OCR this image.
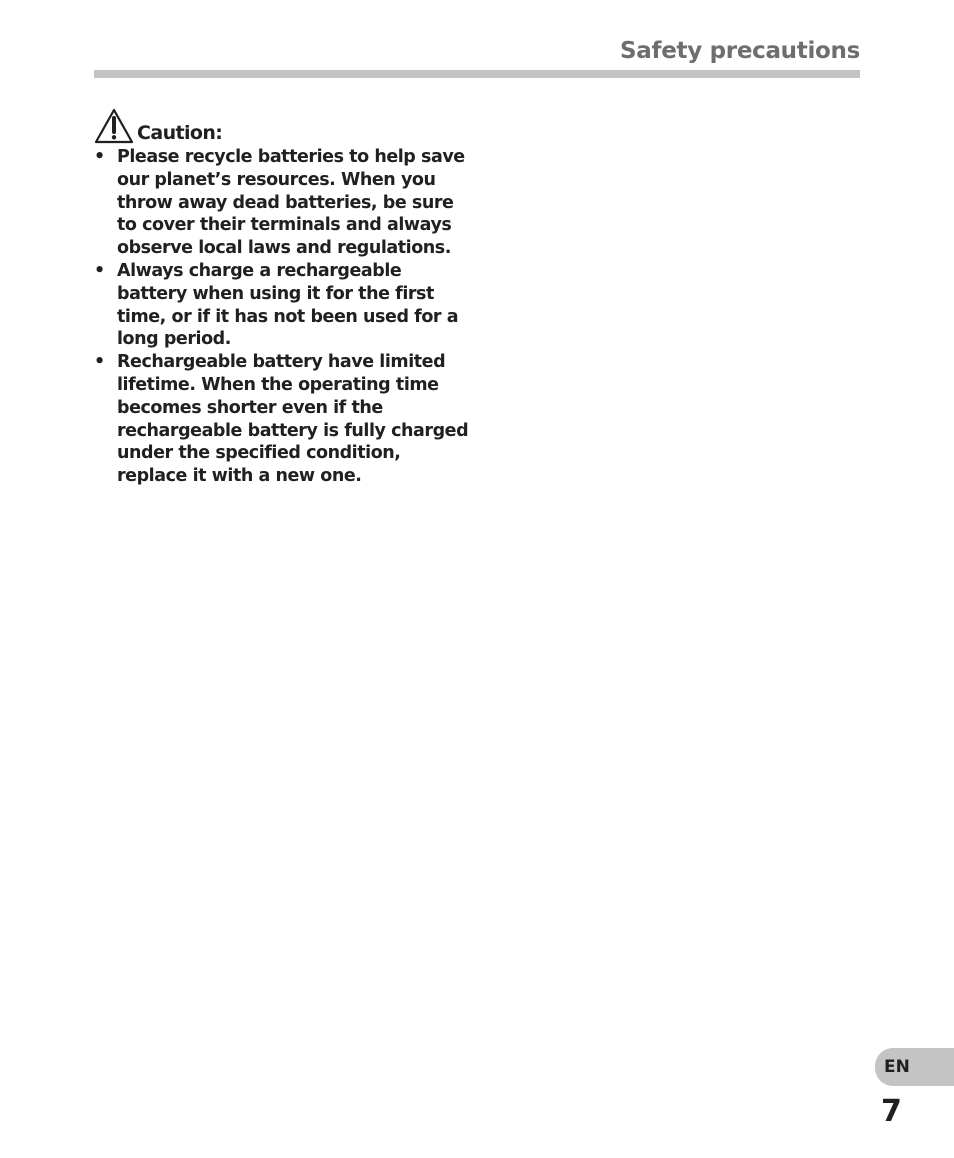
Safety precautions
Caution:
• Please recycle batteries to help save our planet’s resources. When you throw away dead batteries, be sure to cover their terminals and always observe local laws and regulations.
• Always charge a rechargeable battery when using it for the first time, or if it has not been used for a long period.
• Rechargeable battery have limited lifetime. When the operating time becomes shorter even if the rechargeable battery is fully charged under the specified condition, replace it with a new one.
EN
7
